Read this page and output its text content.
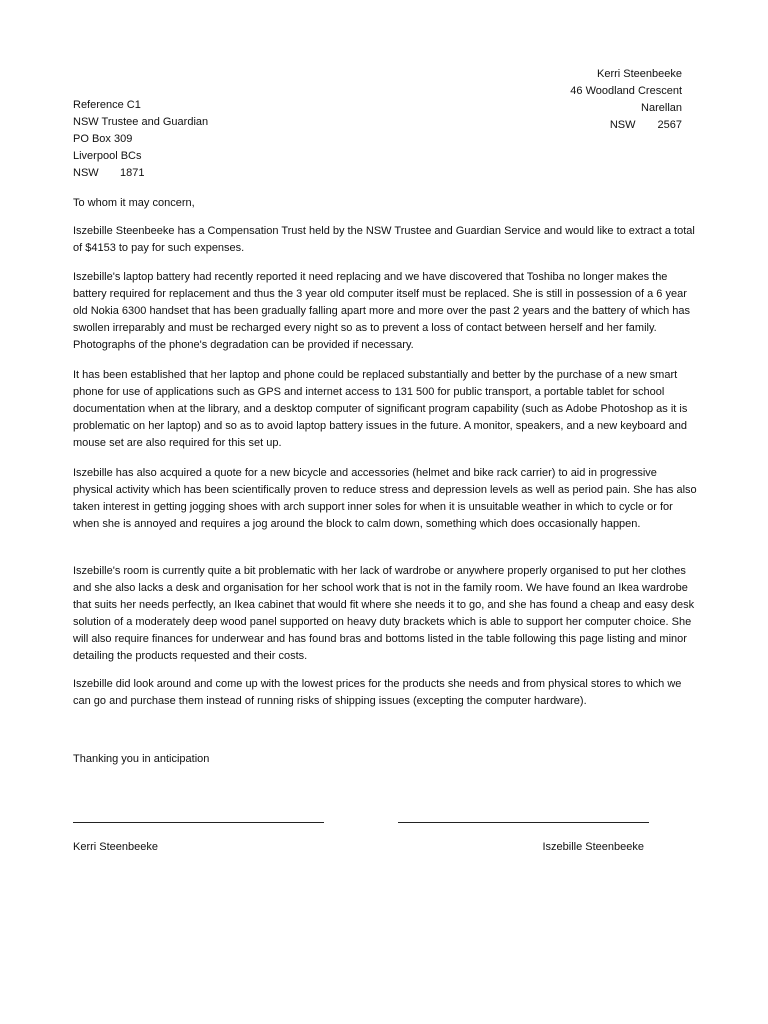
Kerri Steenbeeke
46 Woodland Crescent
Narellan
NSW 2567
Reference C1
NSW Trustee and Guardian
PO Box 309
Liverpool BCs
NSW 1871
To whom it may concern,
Iszebille Steenbeeke has a Compensation Trust held by the NSW Trustee and Guardian Service and would like to extract a total of $4153 to pay for such expenses.
Iszebille's laptop battery had recently reported it need replacing and we have discovered that Toshiba no longer makes the battery required for replacement and thus the 3 year old computer itself must be replaced. She is still in possession of a 6 year old Nokia 6300 handset that has been gradually falling apart more and more over the past 2 years and the battery of which has swollen irreparably and must be recharged every night so as to prevent a loss of contact between herself and her family. Photographs of the phone's degradation can be provided if necessary.
It has been established that her laptop and phone could be replaced substantially and better by the purchase of a new smart phone for use of applications such as GPS and internet access to 131 500 for public transport, a portable tablet for school documentation when at the library, and a desktop computer of significant program capability (such as Adobe Photoshop as it is problematic on her laptop) and so as to avoid laptop battery issues in the future. A monitor, speakers, and a new keyboard and mouse set are also required for this set up.
Iszebille has also acquired a quote for a new bicycle and accessories (helmet and bike rack carrier) to aid in progressive physical activity which has been scientifically proven to reduce stress and depression levels as well as period pain. She has also taken interest in getting jogging shoes with arch support inner soles for when it is unsuitable weather in which to cycle or for when she is annoyed and requires a jog around the block to calm down, something which does occasionally happen.
Iszebille's room is currently quite a bit problematic with her lack of wardrobe or anywhere properly organised to put her clothes and she also lacks a desk and organisation for her school work that is not in the family room. We have found an Ikea wardrobe that suits her needs perfectly, an Ikea cabinet that would fit where she needs it to go, and she has found a cheap and easy desk solution of a moderately deep wood panel supported on heavy duty brackets which is able to support her computer choice. She will also require finances for underwear and has found bras and bottoms listed in the table following this page listing and minor detailing the products requested and their costs.
Iszebille did look around and come up with the lowest prices for the products she needs and from physical stores to which we can go and purchase them instead of running risks of shipping issues (excepting the computer hardware).
Thanking you in anticipation
Kerri Steenbeeke	Iszebille Steenbeeke
